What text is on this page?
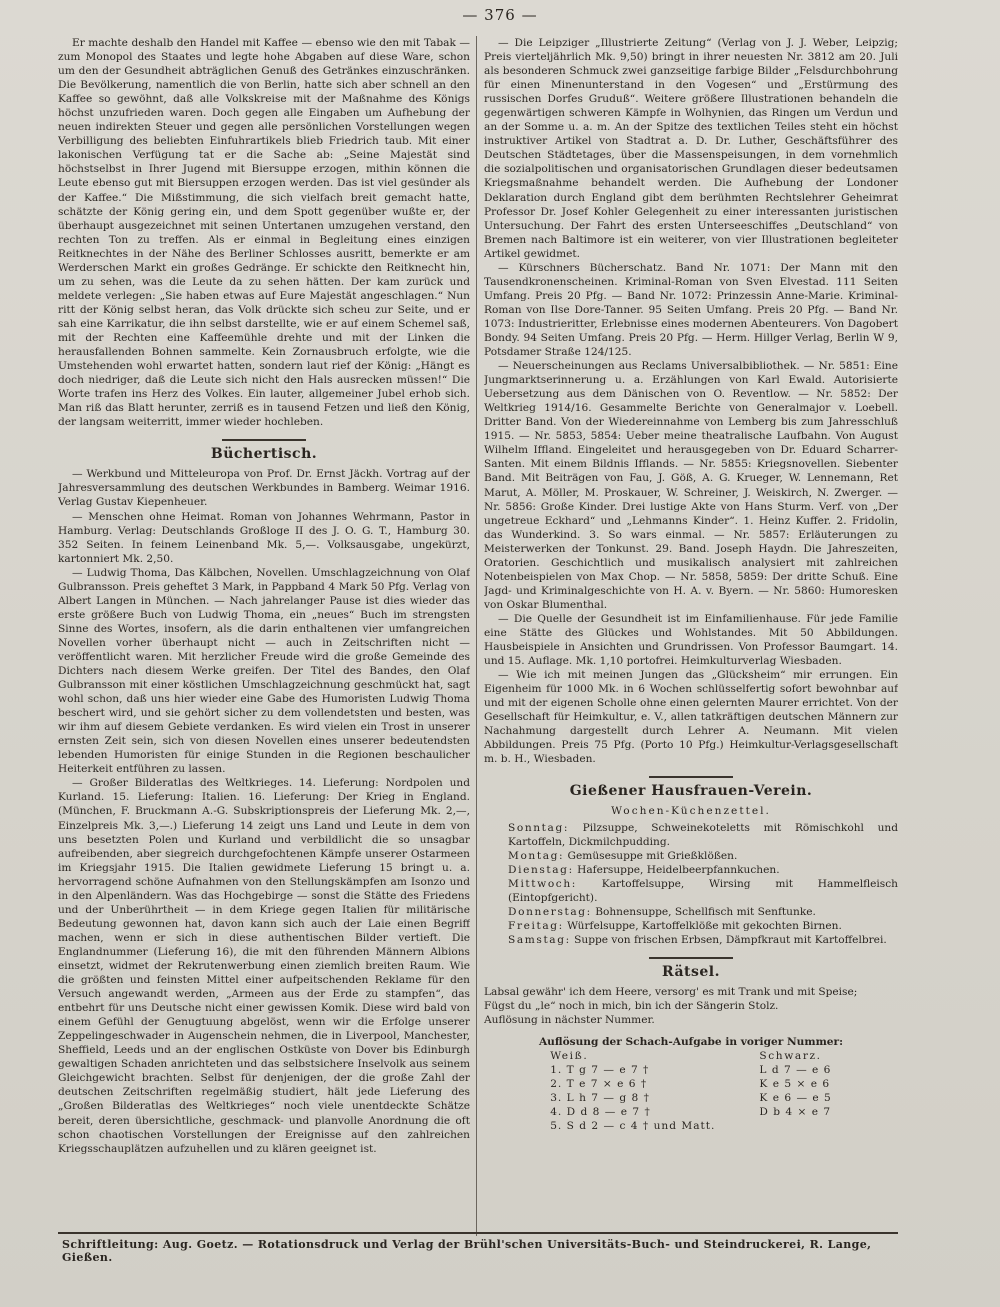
— 376 —

Er machte deshalb den Handel mit Kaffee — ebenso wie den mit Tabak — zum Monopol des Staates und legte hohe Abgaben auf diese Ware, schon um den der Gesundheit abträglichen Genuß des Getränkes einzuschränken. Die Bevölkerung, namentlich die von Berlin, hatte sich aber schnell an den Kaffee so gewöhnt, daß alle Volkskreise mit der Maßnahme des Königs höchst unzufrieden waren. Doch gegen alle Eingaben um Aufhebung der neuen indirekten Steuer und gegen alle persönlichen Vorstellungen wegen Verbilligung des beliebten Einfuhrartikels blieb Friedrich taub. Mit einer lakonischen Verfügung tat er die Sache ab: „Seine Majestät sind höchstselbst in Ihrer Jugend mit Biersuppe erzogen, mithin können die Leute ebenso gut mit Biersuppen erzogen werden. Das ist viel gesünder als der Kaffee.“ Die Mißstimmung, die sich vielfach breit gemacht hatte, schätzte der König gering ein, und dem Spott gegenüber wußte er, der überhaupt ausgezeichnet mit seinen Untertanen umzugehen verstand, den rechten Ton zu treffen. Als er einmal in Begleitung eines einzigen Reitknechtes in der Nähe des Berliner Schlosses ausritt, bemerkte er am Werderschen Markt ein großes Gedränge. Er schickte den Reitknecht hin, um zu sehen, was die Leute da zu sehen hätten. Der kam zurück und meldete verlegen: „Sie haben etwas auf Eure Majestät angeschlagen.“ Nun ritt der König selbst heran, das Volk drückte sich scheu zur Seite, und er sah eine Karrikatur, die ihn selbst darstellte, wie er auf einem Schemel saß, mit der Rechten eine Kaffeemühle drehte und mit der Linken die herausfallenden Bohnen sammelte. Kein Zornausbruch erfolgte, wie die Umstehenden wohl erwartet hatten, sondern laut rief der König: „Hängt es doch niedriger, daß die Leute sich nicht den Hals ausrecken müssen!“ Die Worte trafen ins Herz des Volkes. Ein lauter, allgemeiner Jubel erhob sich. Man riß das Blatt herunter, zerriß es in tausend Fetzen und ließ den König, der langsam weiterritt, immer wieder hochleben.

Büchertisch.

— Werkbund und Mitteleuropa von Prof. Dr. Ernst Jäckh. Vortrag auf der Jahresversammlung des deutschen Werkbundes in Bamberg. Weimar 1916. Verlag Gustav Kiepenheuer.

— Menschen ohne Heimat. Roman von Johannes Wehrmann, Pastor in Hamburg. Verlag: Deutschlands Großloge II des J. O. G. T., Hamburg 30. 352 Seiten. In feinem Leinenband Mk. 5,—. Volksausgabe, ungekürzt, kartonniert Mk. 2,50.

— Ludwig Thoma, Das Kälbchen, Novellen. Umschlagzeichnung von Olaf Gulbransson. Preis geheftet 3 Mark, in Pappband 4 Mark 50 Pfg. Verlag von Albert Langen in München. — Nach jahrelanger Pause ist dies wieder das erste größere Buch von Ludwig Thoma, ein „neues“ Buch im strengsten Sinne des Wortes, insofern, als die darin enthaltenen vier umfangreichen Novellen vorher überhaupt nicht — auch in Zeitschriften nicht — veröffentlicht waren. Mit herzlicher Freude wird die große Gemeinde des Dichters nach diesem Werke greifen. Der Titel des Bandes, den Olaf Gulbransson mit einer köstlichen Umschlagzeichnung geschmückt hat, sagt wohl schon, daß uns hier wieder eine Gabe des Humoristen Ludwig Thoma beschert wird, und sie gehört sicher zu dem vollendetsten und besten, was wir ihm auf diesem Gebiete verdanken. Es wird vielen ein Trost in unserer ernsten Zeit sein, sich von diesen Novellen eines unserer bedeutendsten lebenden Humoristen für einige Stunden in die Regionen beschaulicher Heiterkeit entführen zu lassen.

— Großer Bilderatlas des Weltkrieges. 14. Lieferung: Nordpolen und Kurland. 15. Lieferung: Italien. 16. Lieferung: Der Krieg in England. (München, F. Bruckmann A.-G. Subskriptionspreis der Lieferung Mk. 2,—, Einzelpreis Mk. 3,—.) Lieferung 14 zeigt uns Land und Leute in dem von uns besetzten Polen und Kurland und verbildlicht die so unsagbar aufreibenden, aber siegreich durchgefochtenen Kämpfe unserer Ostarmeen im Kriegsjahr 1915. Die Italien gewidmete Lieferung 15 bringt u. a. hervorragend schöne Aufnahmen von den Stellungskämpfen am Isonzo und in den Alpenländern. Was das Hochgebirge — sonst die Stätte des Friedens und der Unberührtheit — in dem Kriege gegen Italien für militärische Bedeutung gewonnen hat, davon kann sich auch der Laie einen Begriff machen, wenn er sich in diese authentischen Bilder vertieft. Die Englandnummer (Lieferung 16), die mit den führenden Männern Albions einsetzt, widmet der Rekrutenwerbung einen ziemlich breiten Raum. Wie die größten und feinsten Mittel einer aufpeitschenden Reklame für den Versuch angewandt werden, „Armeen aus der Erde zu stampfen“, das entbehrt für uns Deutsche nicht einer gewissen Komik. Diese wird bald von einem Gefühl der Genugtuung abgelöst, wenn wir die Erfolge unserer Zeppelingeschwader in Augenschein nehmen, die in Liverpool, Manchester, Sheffield, Leeds und an der englischen Ostküste von Dover bis Edinburgh gewaltigen Schaden anrichteten und das selbstsichere Inselvolk aus seinem Gleichgewicht brachten. Selbst für denjenigen, der die große Zahl der deutschen Zeitschriften regelmäßig studiert, hält jede Lieferung des „Großen Bilderatlas des Weltkrieges“ noch viele unentdeckte Schätze bereit, deren übersichtliche, geschmack- und planvolle Anordnung die oft schon chaotischen Vorstellungen der Ereignisse auf den zahlreichen Kriegsschauplätzen aufzuhellen und zu klären geeignet ist.

— Die Leipziger „Illustrierte Zeitung“ (Verlag von J. J. Weber, Leipzig; Preis vierteljährlich Mk. 9,50) bringt in ihrer neuesten Nr. 3812 am 20. Juli als besonderen Schmuck zwei ganzseitige farbige Bilder „Felsdurchbohrung für einen Minenunterstand in den Vogesen“ und „Erstürmung des russischen Dorfes Gruduß“. Weitere größere Illustrationen behandeln die gegenwärtigen schweren Kämpfe in Wolhynien, das Ringen um Verdun und an der Somme u. a. m. An der Spitze des textlichen Teiles steht ein höchst instruktiver Artikel von Stadtrat a. D. Dr. Luther, Geschäftsführer des Deutschen Städtetages, über die Massenspeisungen, in dem vornehmlich die sozialpolitischen und organisatorischen Grundlagen dieser bedeutsamen Kriegsmaßnahme behandelt werden. Die Aufhebung der Londoner Deklaration durch England gibt dem berühmten Rechtslehrer Geheimrat Professor Dr. Josef Kohler Gelegenheit zu einer interessanten juristischen Untersuchung. Der Fahrt des ersten Unterseeschiffes „Deutschland“ von Bremen nach Baltimore ist ein weiterer, von vier Illustrationen begleiteter Artikel gewidmet.

— Kürschners Bücherschatz. Band Nr. 1071: Der Mann mit den Tausendkronenscheinen. Kriminal-Roman von Sven Elvestad. 111 Seiten Umfang. Preis 20 Pfg. — Band Nr. 1072: Prinzessin Anne-Marie. Kriminal-Roman von Ilse Dore-Tanner. 95 Seiten Umfang. Preis 20 Pfg. — Band Nr. 1073: Industrieritter, Erlebnisse eines modernen Abenteurers. Von Dagobert Bondy. 94 Seiten Umfang. Preis 20 Pfg. — Herm. Hillger Verlag, Berlin W 9, Potsdamer Straße 124/125.

— Neuerscheinungen aus Reclams Universalbibliothek. — Nr. 5851: Eine Jungmarktserinnerung u. a. Erzählungen von Karl Ewald. Autorisierte Uebersetzung aus dem Dänischen von O. Reventlow. — Nr. 5852: Der Weltkrieg 1914/16. Gesammelte Berichte von Generalmajor v. Loebell. Dritter Band. Von der Wiedereinnahme von Lemberg bis zum Jahresschluß 1915. — Nr. 5853, 5854: Ueber meine theatralische Laufbahn. Von August Wilhelm Iffland. Eingeleitet und herausgegeben von Dr. Eduard Scharrer-Santen. Mit einem Bildnis Ifflands. — Nr. 5855: Kriegsnovellen. Siebenter Band. Mit Beiträgen von Fau, J. Göß, A. G. Krueger, W. Lennemann, Ret Marut, A. Möller, M. Proskauer, W. Schreiner, J. Weiskirch, N. Zwerger. — Nr. 5856: Große Kinder. Drei lustige Akte von Hans Sturm. Verf. von „Der ungetreue Eckhard“ und „Lehmanns Kinder“. 1. Heinz Kuffer. 2. Fridolin, das Wunderkind. 3. So wars einmal. — Nr. 5857: Erläuterungen zu Meisterwerken der Tonkunst. 29. Band. Joseph Haydn. Die Jahreszeiten, Oratorien. Geschichtlich und musikalisch analysiert mit zahlreichen Notenbeispielen von Max Chop. — Nr. 5858, 5859: Der dritte Schuß. Eine Jagd- und Kriminalgeschichte von H. A. v. Byern. — Nr. 5860: Humoresken von Oskar Blumenthal.

— Die Quelle der Gesundheit ist im Einfamilienhause. Für jede Familie eine Stätte des Glückes und Wohlstandes. Mit 50 Abbildungen. Hausbeispiele in Ansichten und Grundrissen. Von Professor Baumgart. 14. und 15. Auflage. Mk. 1,10 portofrei. Heimkulturverlag Wiesbaden.

— Wie ich mit meinen Jungen das „Glücksheim“ mir errungen. Ein Eigenheim für 1000 Mk. in 6 Wochen schlüsselfertig sofort bewohnbar auf und mit der eigenen Scholle ohne einen gelernten Maurer errichtet. Von der Gesellschaft für Heimkultur, e. V., allen tatkräftigen deutschen Männern zur Nachahmung dargestellt durch Lehrer A. Neumann. Mit vielen Abbildungen. Preis 75 Pfg. (Porto 10 Pfg.) Heimkultur-Verlagsgesellschaft m. b. H., Wiesbaden.

Gießener Hausfrauen-Verein.
Wochen-Küchenzettel.

Sonntag: Pilzsuppe, Schweinekoteletts mit Römischkohl und Kartoffeln, Dickmilchpudding.

Montag: Gemüsesuppe mit Grießklößen.

Dienstag: Hafersuppe, Heidelbeerpfannkuchen.

Mittwoch: Kartoffelsuppe, Wirsing mit Hammelfleisch (Eintopfgericht).

Donnerstag: Bohnensuppe, Schellfisch mit Senftunke.

Freitag: Würfelsuppe, Kartoffelklöße mit gekochten Birnen.

Samstag: Suppe von frischen Erbsen, Dämpfkraut mit Kartoffelbrei.

Rätsel.

Labsal gewähr' ich dem Heere, versorg' es mit Trank und mit Speise;

Fügst du „le“ noch in mich, bin ich der Sängerin Stolz.

Auflösung in nächster Nummer.

Auflösung der Schach-Aufgabe in voriger Nummer:
Weiß.	Schwarz.
1. T g 7 — e 7 †	L d 7 — e 6
2. T e 7 × e 6 †	K e 5 × e 6
3. L h 7 — g 8 †	K e 6 — e 5
4. D d 8 — e 7 †	D b 4 × e 7
5. S d 2 — c 4 † und Matt.	
Schriftleitung: Aug. Goetz. — Rotationsdruck und Verlag der Brühl'schen Universitäts-Buch- und Steindruckerei, R. Lange, Gießen.
